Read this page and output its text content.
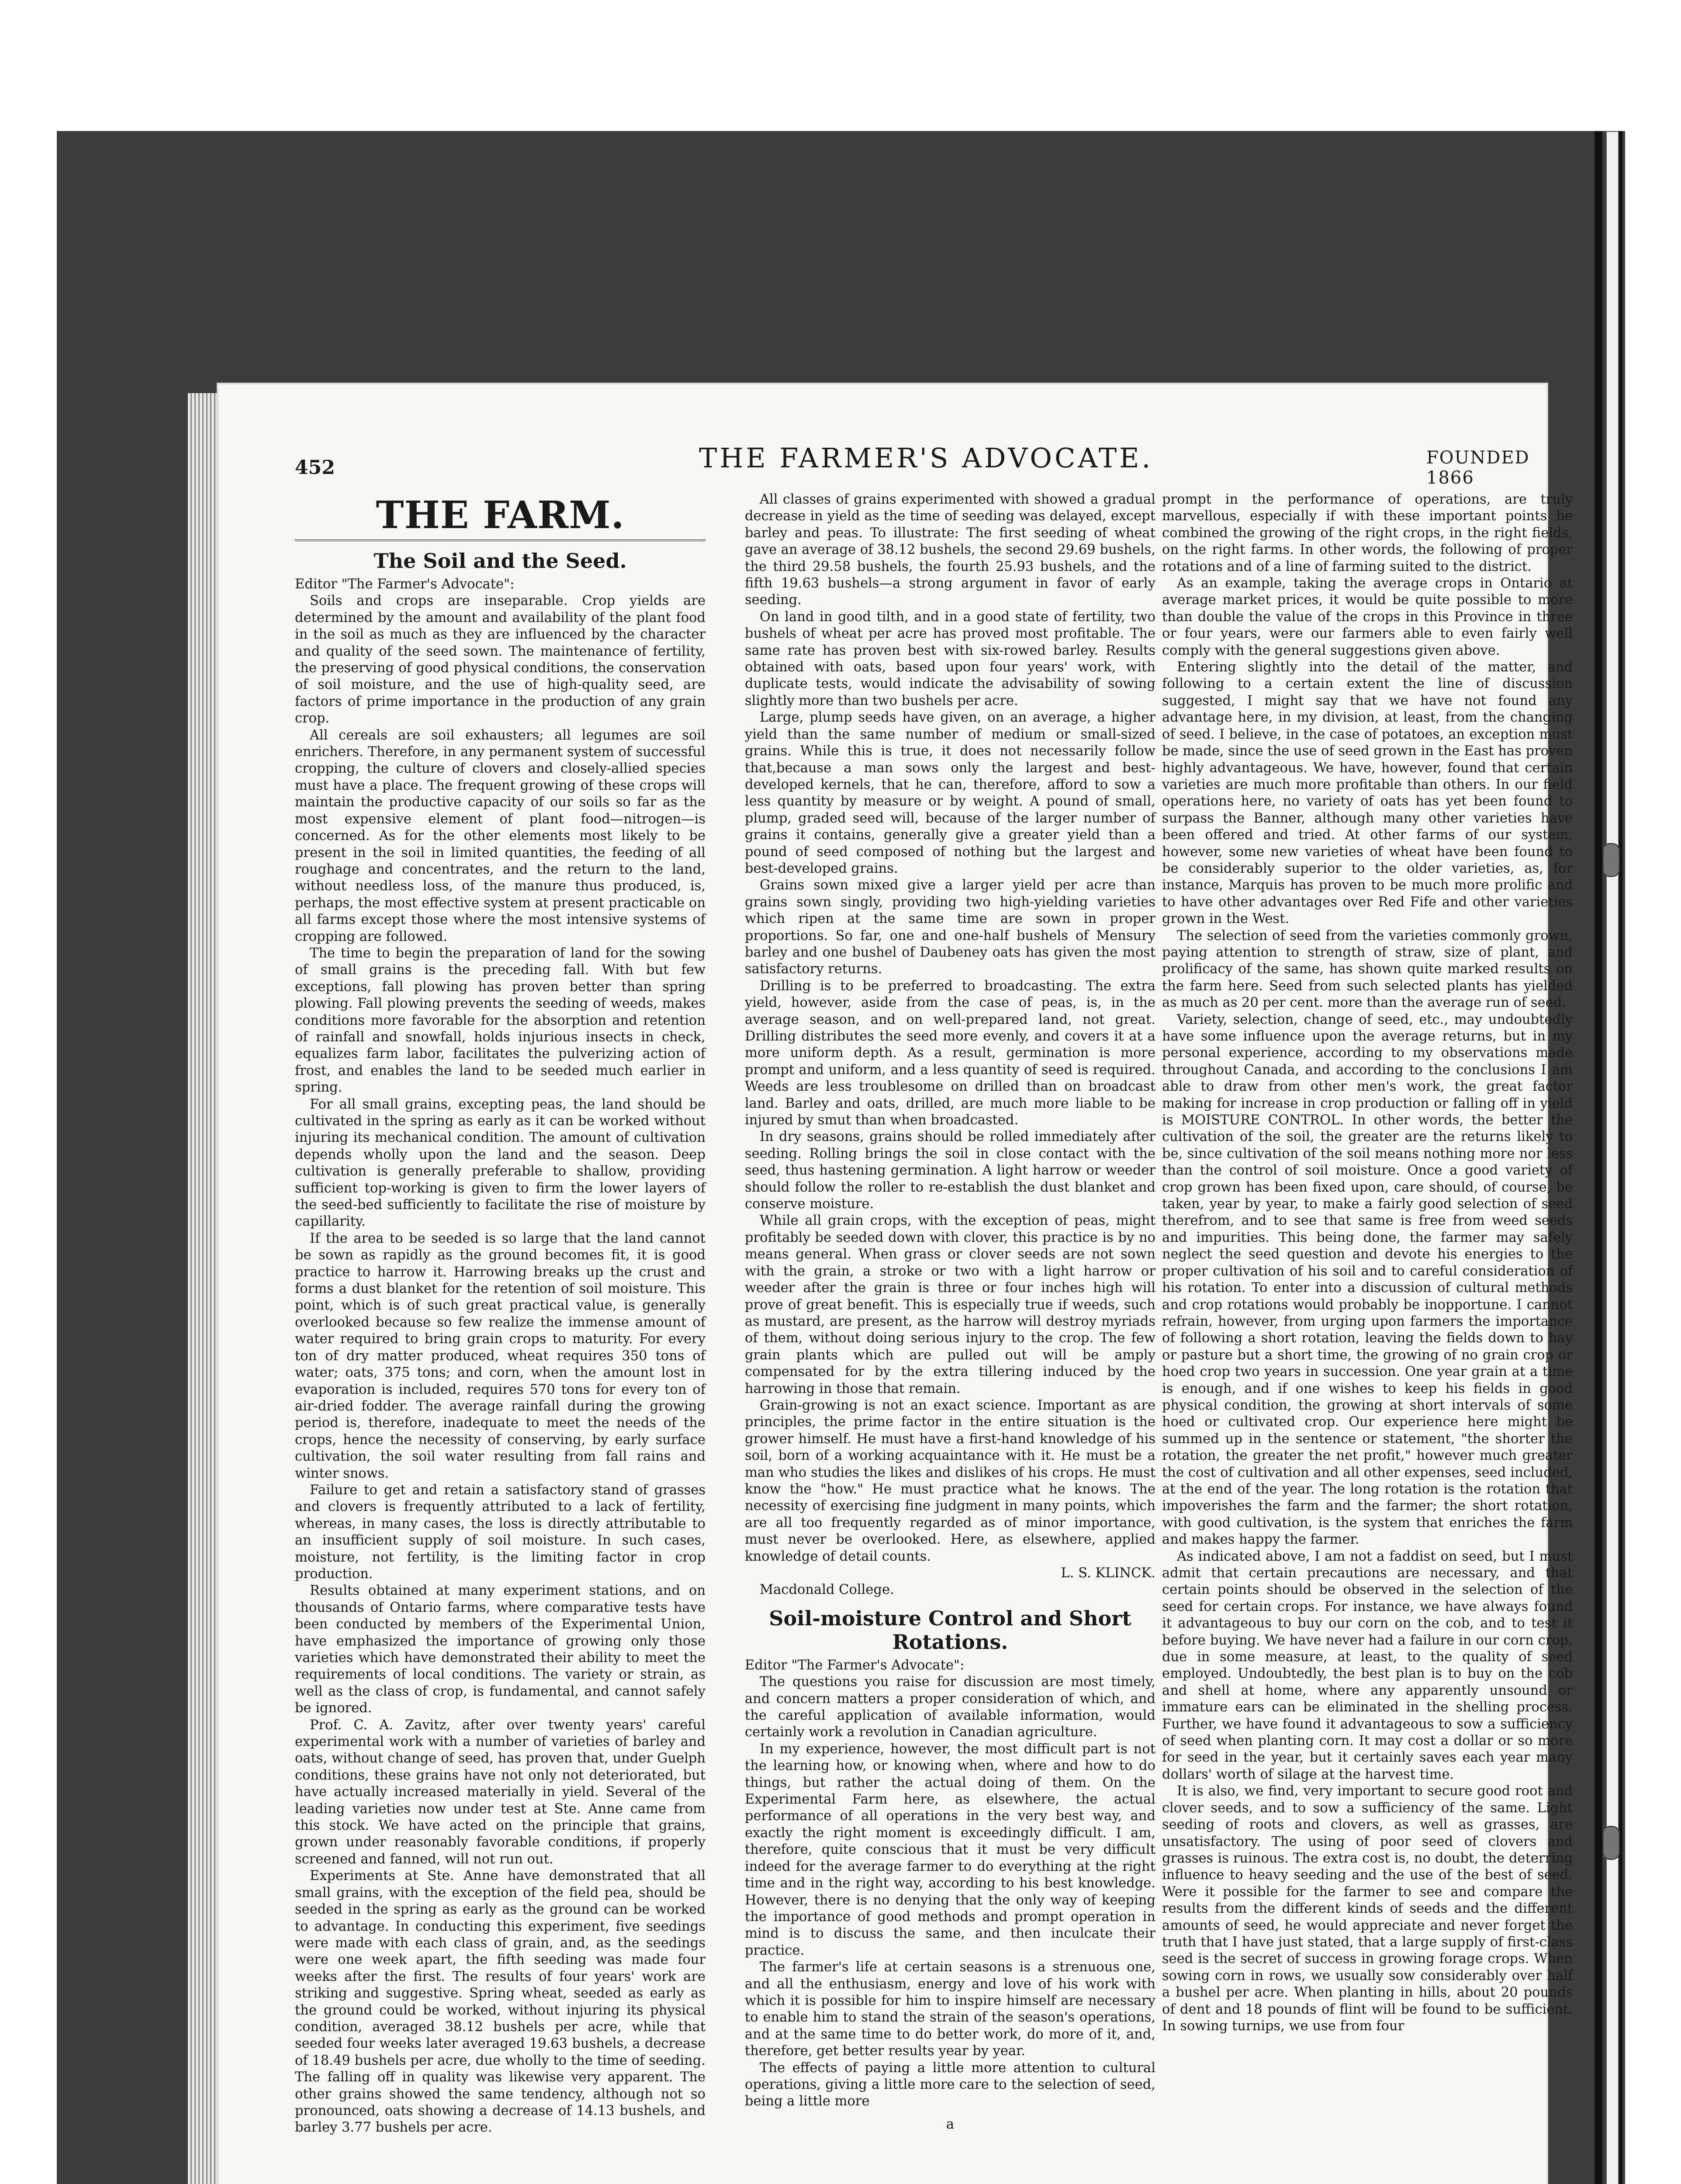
452	THE FARMER'S ADVOCATE.	FOUNDED 1866
THE FARM.
The Soil and the Seed.

Editor "The Farmer's Advocate":

Soils and crops are inseparable. Crop yields are determined by the amount and availability of the plant food in the soil as much as they are influenced by the character and quality of the seed sown. The maintenance of fertility, the preserving of good physical conditions, the conservation of soil moisture, and the use of high-quality seed, are factors of prime importance in the production of any grain crop.

All cereals are soil exhausters; all legumes are soil enrichers. Therefore, in any permanent system of successful cropping, the culture of clovers and closely-allied species must have a place. The frequent growing of these crops will maintain the productive capacity of our soils so far as the most expensive element of plant food—nitrogen—is concerned. As for the other elements most likely to be present in the soil in limited quantities, the feeding of all roughage and concentrates, and the return to the land, without needless loss, of the manure thus produced, is, perhaps, the most effective system at present practicable on all farms except those where the most intensive systems of cropping are followed.

The time to begin the preparation of land for the sowing of small grains is the preceding fall. With but few exceptions, fall plowing has proven better than spring plowing. Fall plowing prevents the seeding of weeds, makes conditions more favorable for the absorption and retention of rainfall and snowfall, holds injurious insects in check, equalizes farm labor, facilitates the pulverizing action of frost, and enables the land to be seeded much earlier in spring.

For all small grains, excepting peas, the land should be cultivated in the spring as early as it can be worked without injuring its mechanical condition. The amount of cultivation depends wholly upon the land and the season. Deep cultivation is generally preferable to shallow, providing sufficient top-working is given to firm the lower layers of the seed-bed sufficiently to facilitate the rise of moisture by capillarity.

If the area to be seeded is so large that the land cannot be sown as rapidly as the ground becomes fit, it is good practice to harrow it. Harrowing breaks up the crust and forms a dust blanket for the retention of soil moisture. This point, which is of such great practical value, is generally overlooked because so few realize the immense amount of water required to bring grain crops to maturity. For every ton of dry matter produced, wheat requires 350 tons of water; oats, 375 tons; and corn, when the amount lost in evaporation is included, requires 570 tons for every ton of air-dried fodder. The average rainfall during the growing period is, therefore, inadequate to meet the needs of the crops, hence the necessity of conserving, by early surface cultivation, the soil water resulting from fall rains and winter snows.

Failure to get and retain a satisfactory stand of grasses and clovers is frequently attributed to a lack of fertility, whereas, in many cases, the loss is directly attributable to an insufficient supply of soil moisture. In such cases, moisture, not fertility, is the limiting factor in crop production.

Results obtained at many experiment stations, and on thousands of Ontario farms, where comparative tests have been conducted by members of the Experimental Union, have emphasized the importance of growing only those varieties which have demonstrated their ability to meet the requirements of local conditions. The variety or strain, as well as the class of crop, is fundamental, and cannot safely be ignored.

Prof. C. A. Zavitz, after over twenty years' careful experimental work with a number of varieties of barley and oats, without change of seed, has proven that, under Guelph conditions, these grains have not only not deteriorated, but have actually increased materially in yield. Several of the leading varieties now under test at Ste. Anne came from this stock. We have acted on the principle that grains, grown under reasonably favorable conditions, if properly screened and fanned, will not run out.

Experiments at Ste. Anne have demonstrated that all small grains, with the exception of the field pea, should be seeded in the spring as early as the ground can be worked to advantage. In conducting this experiment, five seedings were made with each class of grain, and, as the seedings were one week apart, the fifth seeding was made four weeks after the first. The results of four years' work are striking and suggestive. Spring wheat, seeded as early as the ground could be worked, without injuring its physical condition, averaged 38.12 bushels per acre, while that seeded four weeks later averaged 19.63 bushels, a decrease of 18.49 bushels per acre, due wholly to the time of seeding. The falling off in quality was likewise very apparent. The other grains showed the same tendency, although not so pronounced, oats showing a decrease of 14.13 bushels, and barley 3.77 bushels per acre.

All classes of grains experimented with showed a gradual decrease in yield as the time of seeding was delayed, except barley and peas. To illustrate: The first seeding of wheat gave an average of 38.12 bushels, the second 29.69 bushels, the third 29.58 bushels, the fourth 25.93 bushels, and the fifth 19.63 bushels—a strong argument in favor of early seeding.

On land in good tilth, and in a good state of fertility, two bushels of wheat per acre has proved most profitable. The same rate has proven best with six-rowed barley. Results obtained with oats, based upon four years' work, with duplicate tests, would indicate the advisability of sowing slightly more than two bushels per acre.

Large, plump seeds have given, on an average, a higher yield than the same number of medium or small-sized grains. While this is true, it does not necessarily follow that,because a man sows only the largest and best-developed kernels, that he can, therefore, afford to sow a less quantity by measure or by weight. A pound of small, plump, graded seed will, because of the larger number of grains it contains, generally give a greater yield than a pound of seed composed of nothing but the largest and best-developed grains.

Grains sown mixed give a larger yield per acre than grains sown singly, providing two high-yielding varieties which ripen at the same time are sown in proper proportions. So far, one and one-half bushels of Mensury barley and one bushel of Daubeney oats has given the most satisfactory returns.

Drilling is to be preferred to broadcasting. The extra yield, however, aside from the case of peas, is, in the average season, and on well-prepared land, not great. Drilling distributes the seed more evenly, and covers it at a more uniform depth. As a result, germination is more prompt and uniform, and a less quantity of seed is required. Weeds are less troublesome on drilled than on broadcast land. Barley and oats, drilled, are much more liable to be injured by smut than when broadcasted.

In dry seasons, grains should be rolled immediately after seeding. Rolling brings the soil in close contact with the seed, thus hastening germination. A light harrow or weeder should follow the roller to re-establish the dust blanket and conserve moisture.

While all grain crops, with the exception of peas, might profitably be seeded down with clover, this practice is by no means general. When grass or clover seeds are not sown with the grain, a stroke or two with a light harrow or weeder after the grain is three or four inches high will prove of great benefit. This is especially true if weeds, such as mustard, are present, as the harrow will destroy myriads of them, without doing serious injury to the crop. The few grain plants which are pulled out will be amply compensated for by the extra tillering induced by the harrowing in those that remain.

Grain-growing is not an exact science. Important as are principles, the prime factor in the entire situation is the grower himself. He must have a first-hand knowledge of his soil, born of a working acquaintance with it. He must be a man who studies the likes and dislikes of his crops. He must know the "how." He must practice what he knows. The necessity of exercising fine judgment in many points, which are all too frequently regarded as of minor importance, must never be overlooked. Here, as elsewhere, applied knowledge of detail counts.

L. S. KLINCK.

Macdonald College.

Soil-moisture Control and Short Rotations.

Editor "The Farmer's Advocate":

The questions you raise for discussion are most timely, and concern matters a proper consideration of which, and the careful application of available information, would certainly work a revolution in Canadian agriculture.

In my experience, however, the most difficult part is not the learning how, or knowing when, where and how to do things, but rather the actual doing of them. On the Experimental Farm here, as elsewhere, the actual performance of all operations in the very best way, and exactly the right moment is exceedingly difficult. I am, therefore, quite conscious that it must be very difficult indeed for the average farmer to do everything at the right time and in the right way, according to his best knowledge. However, there is no denying that the only way of keeping the importance of good methods and prompt operation in mind is to discuss the same, and then inculcate their practice.

The farmer's life at certain seasons is a strenuous one, and all the enthusiasm, energy and love of his work with which it is possible for him to inspire himself are necessary to enable him to stand the strain of the season's operations, and at the same time to do better work, do more of it, and, therefore, get better results year by year.

The effects of paying a little more attention to cultural operations, giving a little more care to the selection of seed, being a little more

a

prompt in the performance of operations, are truly marvellous, especially if with these important points be combined the growing of the right crops, in the right fields, on the right farms. In other words, the following of proper rotations and of a line of farming suited to the district.

As an example, taking the average crops in Ontario at average market prices, it would be quite possible to more than double the value of the crops in this Province in three or four years, were our farmers able to even fairly well comply with the general suggestions given above.

Entering slightly into the detail of the matter, and following to a certain extent the line of discussion suggested, I might say that we have not found any advantage here, in my division, at least, from the changing of seed. I believe, in the case of potatoes, an exception must be made, since the use of seed grown in the East has proven highly advantageous. We have, however, found that certain varieties are much more profitable than others. In our field operations here, no variety of oats has yet been found to surpass the Banner, although many other varieties have been offered and tried. At other farms of our system, however, some new varieties of wheat have been found to be considerably superior to the older varieties, as, for instance, Marquis has proven to be much more prolific and to have other advantages over Red Fife and other varieties grown in the West.

The selection of seed from the varieties commonly grown, paying attention to strength of straw, size of plant, and prolificacy of the same, has shown quite marked results on the farm here. Seed from such selected plants has yielded as much as 20 per cent. more than the average run of seed.

Variety, selection, change of seed, etc., may undoubtedly have some influence upon the average returns, but in my personal experience, according to my observations made throughout Canada, and according to the conclusions I am able to draw from other men's work, the great factor making for increase in crop production or falling off in yield is MOISTURE CONTROL. In other words, the better the cultivation of the soil, the greater are the returns likely to be, since cultivation of the soil means nothing more nor less than the control of soil moisture. Once a good variety of crop grown has been fixed upon, care should, of course, be taken, year by year, to make a fairly good selection of seed therefrom, and to see that same is free from weed seeds and impurities. This being done, the farmer may safely neglect the seed question and devote his energies to the proper cultivation of his soil and to careful consideration of his rotation. To enter into a discussion of cultural methods and crop rotations would probably be inopportune. I cannot refrain, however, from urging upon farmers the importance of following a short rotation, leaving the fields down to hay or pasture but a short time, the growing of no grain crop or hoed crop two years in succession. One year grain at a time is enough, and if one wishes to keep his fields in good physical condition, the growing at short intervals of some hoed or cultivated crop. Our experience here might be summed up in the sentence or statement, "the shorter the rotation, the greater the net profit," however much greater the cost of cultivation and all other expenses, seed included, at the end of the year. The long rotation is the rotation that impoverishes the farm and the farmer; the short rotation, with good cultivation, is the system that enriches the farm and makes happy the farmer.

As indicated above, I am not a faddist on seed, but I must admit that certain precautions are necessary, and that certain points should be observed in the selection of the seed for certain crops. For instance, we have always found it advantageous to buy our corn on the cob, and to test it before buying. We have never had a failure in our corn crop, due in some measure, at least, to the quality of seed employed. Undoubtedly, the best plan is to buy on the cob and shell at home, where any apparently unsound or immature ears can be eliminated in the shelling process. Further, we have found it advantageous to sow a sufficiency of seed when planting corn. It may cost a dollar or so more for seed in the year, but it certainly saves each year many dollars' worth of silage at the harvest time.

It is also, we find, very important to secure good root and clover seeds, and to sow a sufficiency of the same. Light seeding of roots and clovers, as well as grasses, are unsatisfactory. The using of poor seed of clovers and grasses is ruinous. The extra cost is, no doubt, the deterring influence to heavy seeding and the use of the best of seed. Were it possible for the farmer to see and compare the results from the different kinds of seeds and the different amounts of seed, he would appreciate and never forget the truth that I have just stated, that a large supply of first-class seed is the secret of success in growing forage crops. When sowing corn in rows, we usually sow considerably over half a bushel per acre. When planting in hills, about 20 pounds of dent and 18 pounds of flint will be found to be sufficient. In sowing turnips, we use from four
